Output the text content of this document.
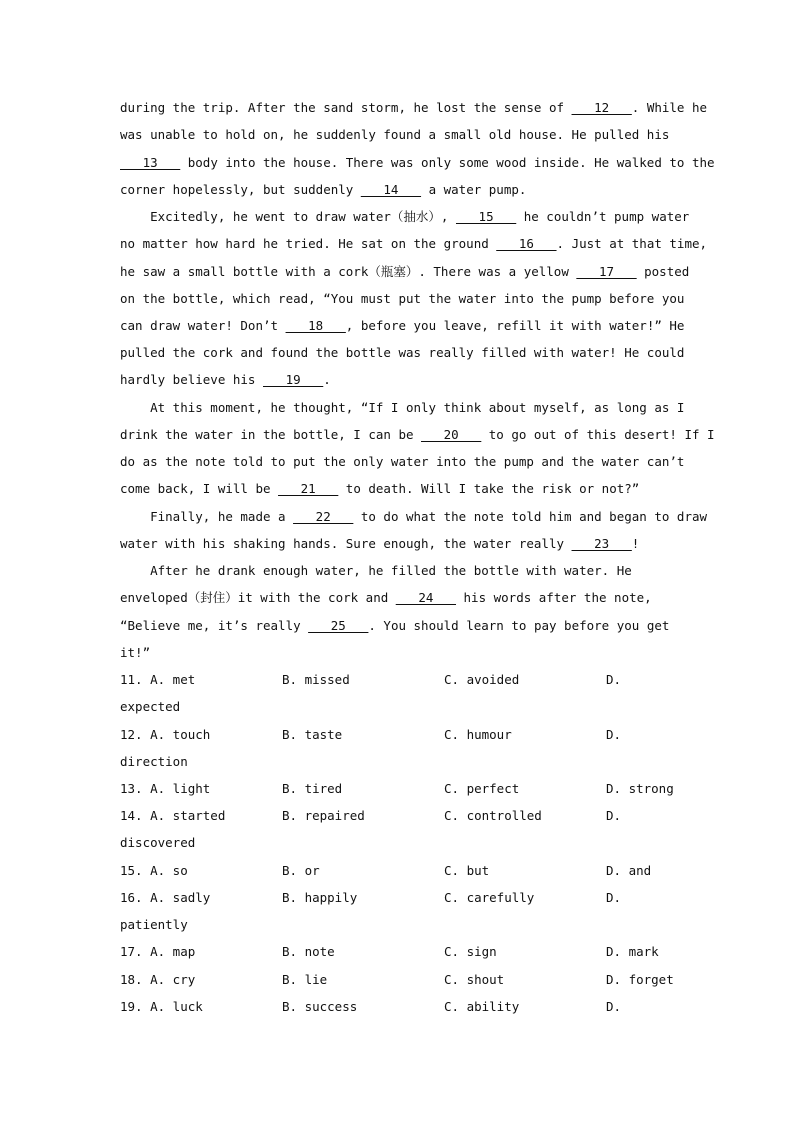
during the trip. After the sand storm, he lost the sense of ___12___. While he
was unable to hold on, he suddenly found a small old house. He pulled his
___13___ body into the house. There was only some wood inside. He walked to the
corner hopelessly, but suddenly ___14___ a water pump.
Excitedly, he went to draw water（抽水）, ___15___ he couldn’t pump water
no matter how hard he tried. He sat on the ground ___16___. Just at that time,
he saw a small bottle with a cork（瓶塞）. There was a yellow ___17___ posted
on the bottle, which read, “You must put the water into the pump before you
can draw water! Don’t ___18___, before you leave, refill it with water!” He
pulled the cork and found the bottle was really filled with water! He could
hardly believe his ___19___.
At this moment, he thought, “If I only think about myself, as long as I
drink the water in the bottle, I can be ___20___ to go out of this desert! If I
do as the note told to put the only water into the pump and the water can’t
come back, I will be ___21___ to death. Will I take the risk or not?”
Finally, he made a ___22___ to do what the note told him and began to draw
water with his shaking hands. Sure enough, the water really ___23___!
After he drank enough water, he filled the bottle with water. He
enveloped（封住）it with the cork and ___24___ his words after the note,
“Believe me, it’s really ___25___. You should learn to pay before you get
it!”
11. A. met	B. missed	C. avoided	D.
expected
12. A. touch	B. taste	C. humour	D.
direction
13. A. light	B. tired	C. perfect	D. strong
14. A. started	B. repaired	C. controlled	D.
discovered
15. A. so	B. or	C. but	D. and
16. A. sadly	B. happily	C. carefully	D.
patiently
17. A. map	B. note	C. sign	D. mark
18. A. cry	B. lie	C. shout	D. forget
19. A. luck	B. success	C. ability	D.
